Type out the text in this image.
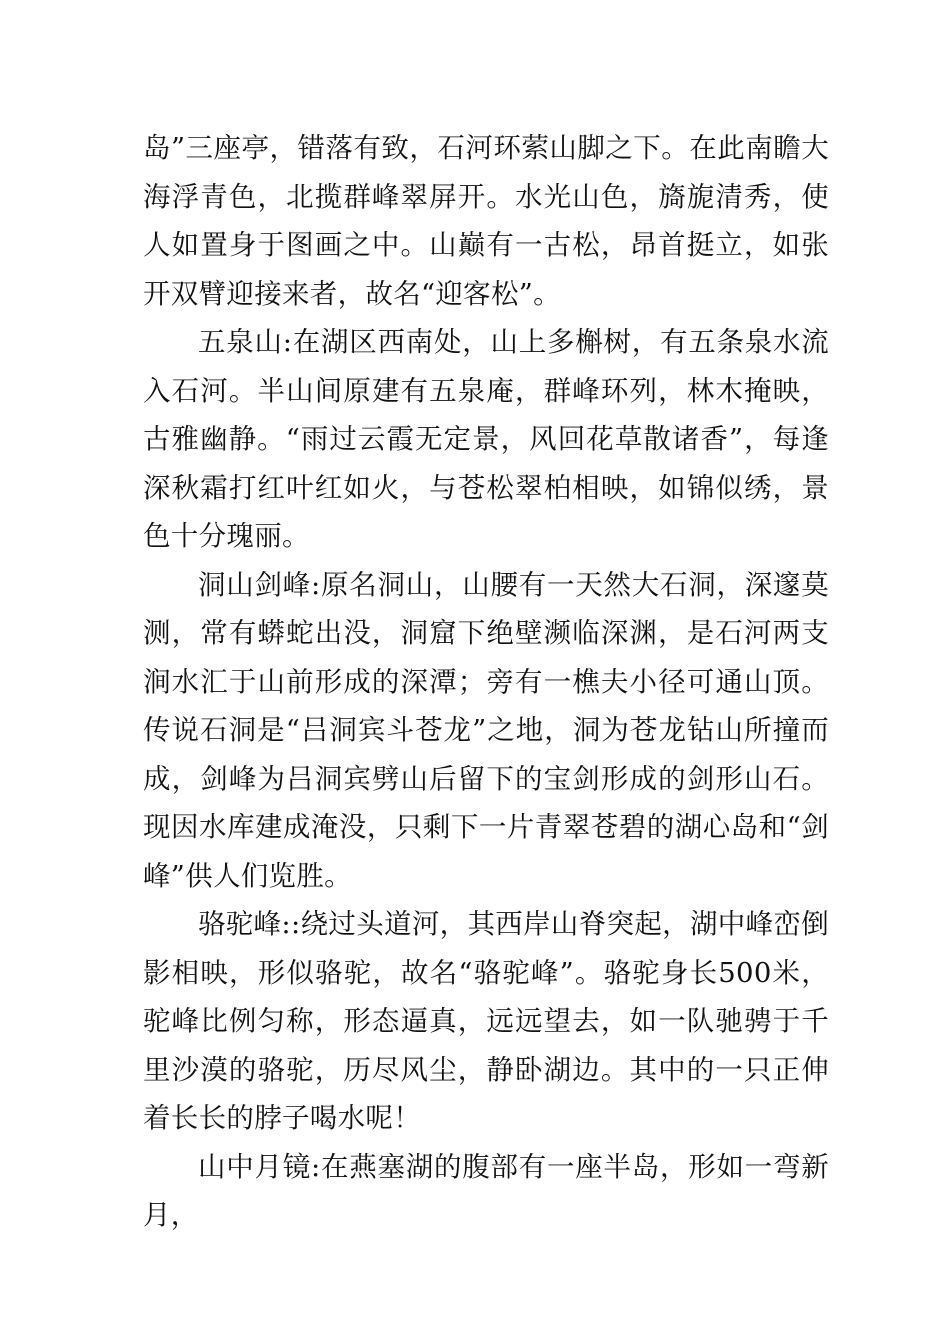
岛”三座亭，错落有致，石河环萦山脚之下。在此南瞻大海浮青色，北揽群峰翠屏开。水光山色，旖旎清秀，使人如置身于图画之中。山巅有一古松，昂首挺立，如张开双臂迎接来者，故名“迎客松”。

五泉山:在湖区西南处，山上多槲树，有五条泉水流入石河。半山间原建有五泉庵，群峰环列，林木掩映，古雅幽静。“雨过云霞无定景，风回花草散诸香”，每逢深秋霜打红叶红如火，与苍松翠柏相映，如锦似绣，景色十分瑰丽。

洞山剑峰:原名洞山，山腰有一天然大石洞，深邃莫测，常有蟒蛇出没，洞窟下绝壁濒临深渊，是石河两支涧水汇于山前形成的深潭；旁有一樵夫小径可通山顶。传说石洞是“吕洞宾斗苍龙”之地，洞为苍龙钻山所撞而成，剑峰为吕洞宾劈山后留下的宝剑形成的剑形山石。现因水库建成淹没，只剩下一片青翠苍碧的湖心岛和“剑峰”供人们览胜。

骆驼峰::绕过头道河，其西岸山脊突起，湖中峰峦倒影相映，形似骆驼，故名“骆驼峰”。骆驼身长500米，驼峰比例匀称，形态逼真，远远望去，如一队驰骋于千里沙漠的骆驼，历尽风尘，静卧湖边。其中的一只正伸着长长的脖子喝水呢！

山中月镜:在燕塞湖的腹部有一座半岛，形如一弯新月，
